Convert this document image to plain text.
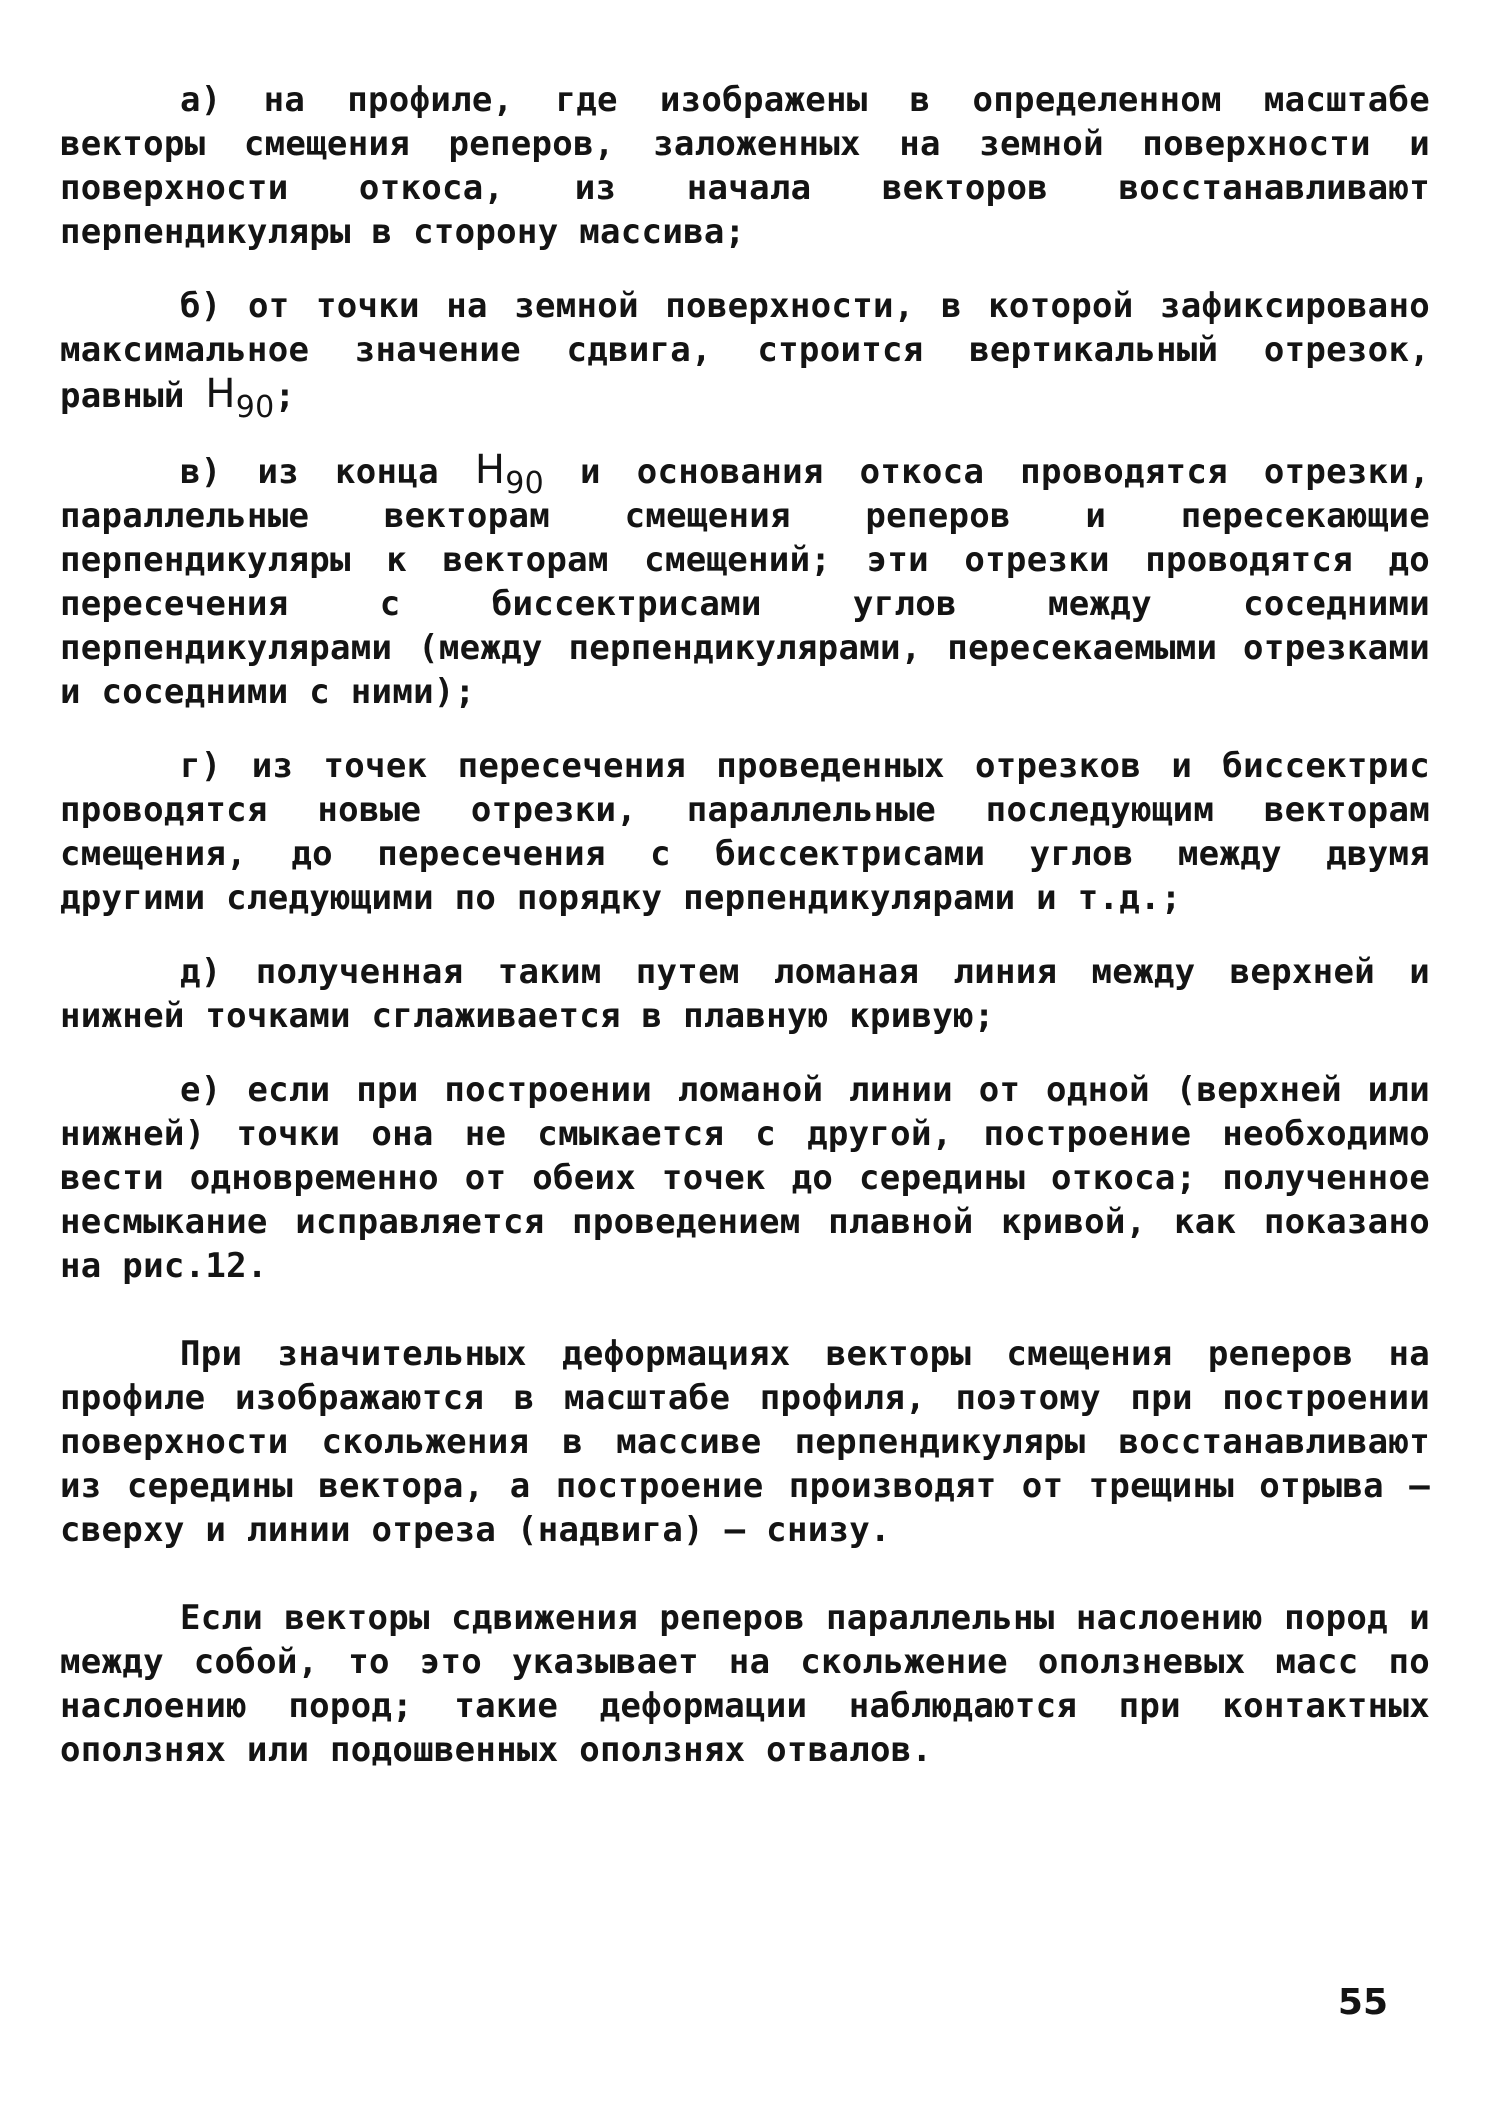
а) на профиле, где изображены в определенном масштабе векторы смещения реперов, заложенных на земной поверхности и поверхности откоса, из начала векторов восстанавливают перпендикуляры в сторону массива;

б) от точки на земной поверхности, в которой зафиксировано максимальное значение сдвига, строится вертикальный отрезок, равный $H_{90}$;

в) из конца $H_{90}$ и основания откоса проводятся отрезки, параллельные векторам смещения реперов и пересекающие перпендикуляры к векторам смещений; эти отрезки проводятся до пересечения с биссектрисами углов между соседними перпендикулярами (между перпендикулярами, пересекаемыми отрезками и соседними с ними);

г) из точек пересечения проведенных отрезков и биссектрис проводятся новые отрезки, параллельные последующим векторам смещения, до пересечения с биссектрисами углов между двумя другими следующими по порядку перпендикулярами и т.д.;

д) полученная таким путем ломаная линия между верхней и нижней точками сглаживается в плавную кривую;

е) если при построении ломаной линии от одной (верхней или нижней) точки она не смыкается с другой, построение необходимо вести одновременно от обеих точек до середины откоса; полученное несмыкание исправляется проведением плавной кривой, как показано на рис.12.

При значительных деформациях векторы смещения реперов на профиле изображаются в масштабе профиля, поэтому при построении поверхности скольжения в массиве перпендикуляры восстанавливают из середины вектора, а построение производят от трещины отрыва – сверху и линии отреза (надвига) – снизу.

Если векторы сдвижения реперов параллельны наслоению пород и между собой, то это указывает на скольжение оползневых масс по наслоению пород; такие деформации наблюдаются при контактных оползнях или подошвенных оползнях отвалов.

55
